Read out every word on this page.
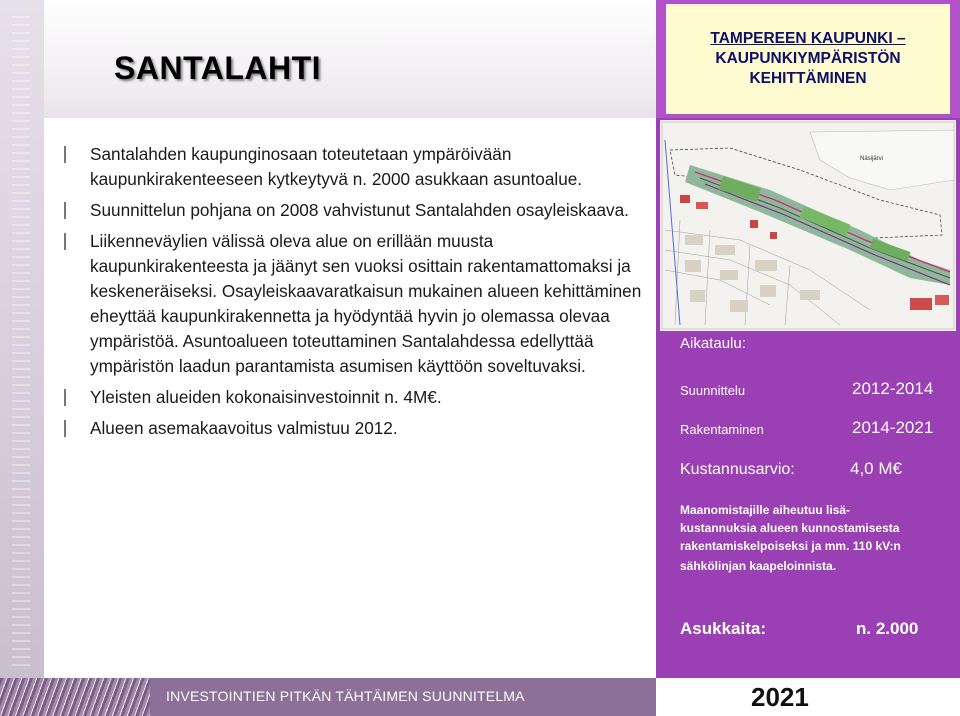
SANTALAHTI
TAMPEREEN KAUPUNKI –
KAUPUNKIYMPÄRISTÖN
KEHITTÄMINEN
Näsijärvi
Aikataulu:
Suunnittelu	2012-2014
Rakentaminen	2014-2021
Kustannusarvio:	4,0 M€
Maanomistajille aiheutuu lisä-
kustannuksia alueen kunnostamisesta
rakentamiskelpoiseksi ja mm. 110 kV:n
sähkölinjan kaapeloinnista.
Asukkaita:	n. 2.000
Santalahden kaupunginosaan toteutetaan ympäröivään kaupunkirakenteeseen kytkeytyvä n. 2000 asukkaan asuntoalue.
Suunnittelun pohjana on 2008 vahvistunut Santalahden osayleiskaava.
Liikenneväylien välissä oleva alue on erillään muusta kaupunkirakenteesta ja jäänyt sen vuoksi osittain rakentamattomaksi ja keskeneräiseksi. Osayleiskaavaratkaisun mukainen alueen kehittäminen eheyttää kaupunkirakennetta ja hyödyntää hyvin jo olemassa olevaa ympäristöä. Asuntoalueen toteuttaminen Santalahdessa edellyttää ympäristön laadun parantamista asumisen käyttöön soveltuvaksi.
Yleisten alueiden kokonaisinvestoinnit n. 4M€.
Alueen asemakaavoitus valmistuu 2012.
INVESTOINTIEN PITKÄN TÄHTÄIMEN SUUNNITELMA	2021
